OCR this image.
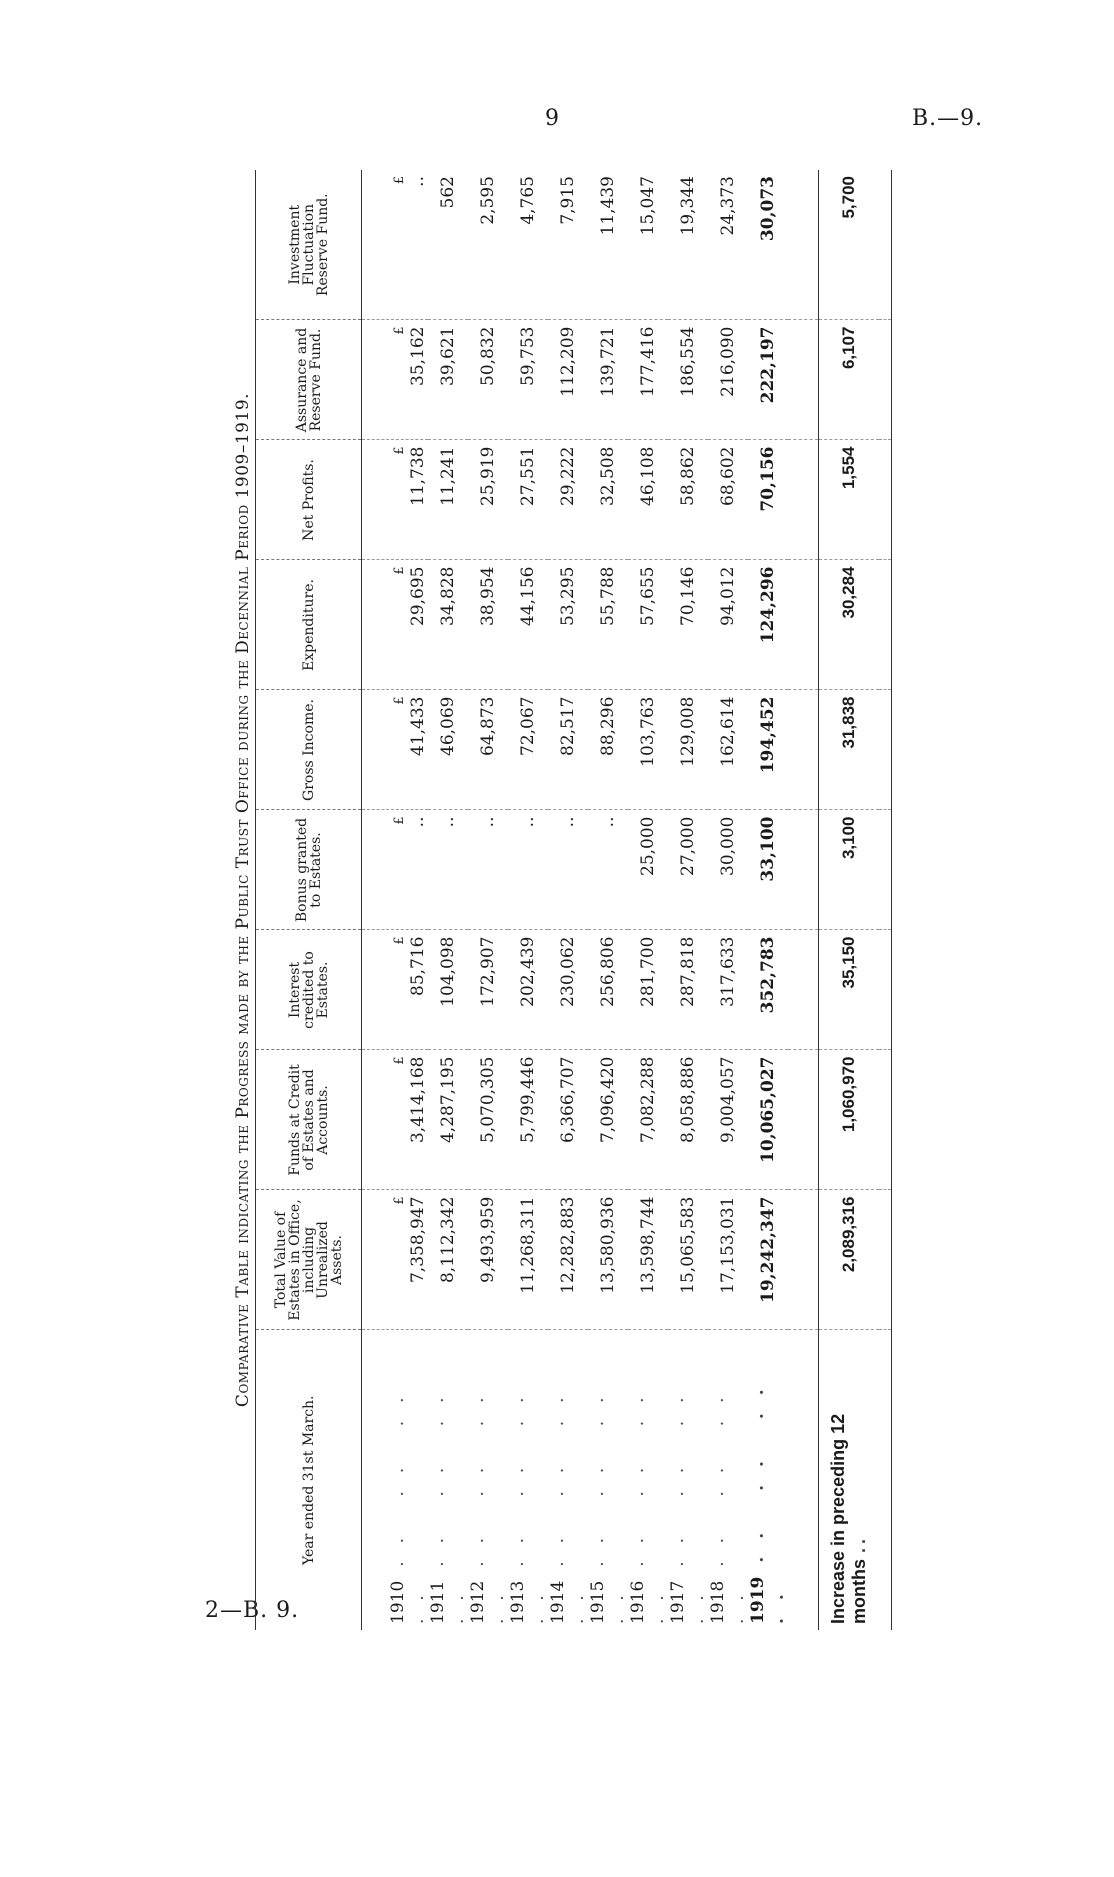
9	B.—9.
2—B. 9.
Comparative Table indicating the Progress made by the Public Trust Office during the Decennial Period 1909–1919.
Year ended 31st March.	Total Value of Estates in Office, including Unrealized Assets.	Funds at Credit of Estates and Accounts.	Interest credited to Estates.	Bonus granted to Estates.	Gross Income.	Expenditure.	Net Profits.	Assurance and Reserve Fund.	Investment Fluctuation Reserve Fund.
1910.. .. .. ..	£ 7,358,947	£ 3,414,168	£ 85,716	£ ..	£ 41,433	£ 29,695	£ 11,738	£ 35,162	£ ..
1911.. .. .. ..	8,112,342	4,287,195	104,098	..	46,069	34,828	11,241	39,621	562
1912.. .. .. ..	9,493,959	5,070,305	172,907	..	64,873	38,954	25,919	50,832	2,595
1913.. .. .. ..	11,268,311	5,799,446	202,439	..	72,067	44,156	27,551	59,753	4,765
1914.. .. .. ..	12,282,883	6,366,707	230,062	..	82,517	53,295	29,222	112,209	7,915
1915.. .. .. ..	13,580,936	7,096,420	256,806	..	88,296	55,788	32,508	139,721	11,439
1916.. .. .. ..	13,598,744	7,082,288	281,700	25,000	103,763	57,655	46,108	177,416	15,047
1917.. .. .. ..	15,065,583	8,058,886	287,818	27,000	129,008	70,146	58,862	186,554	19,344
1918.. .. .. ..	17,153,031	9,004,057	317,633	30,000	162,614	94,012	68,602	216,090	24,373
1919.. .. .. ..	19,242,347	10,065,027	352,783	33,100	194,452	124,296	70,156	222,197	30,073

Increase in preceding 12 months..	2,089,316	1,060,970	35,150	3,100	31,838	30,284	1,554	6,107	5,700
